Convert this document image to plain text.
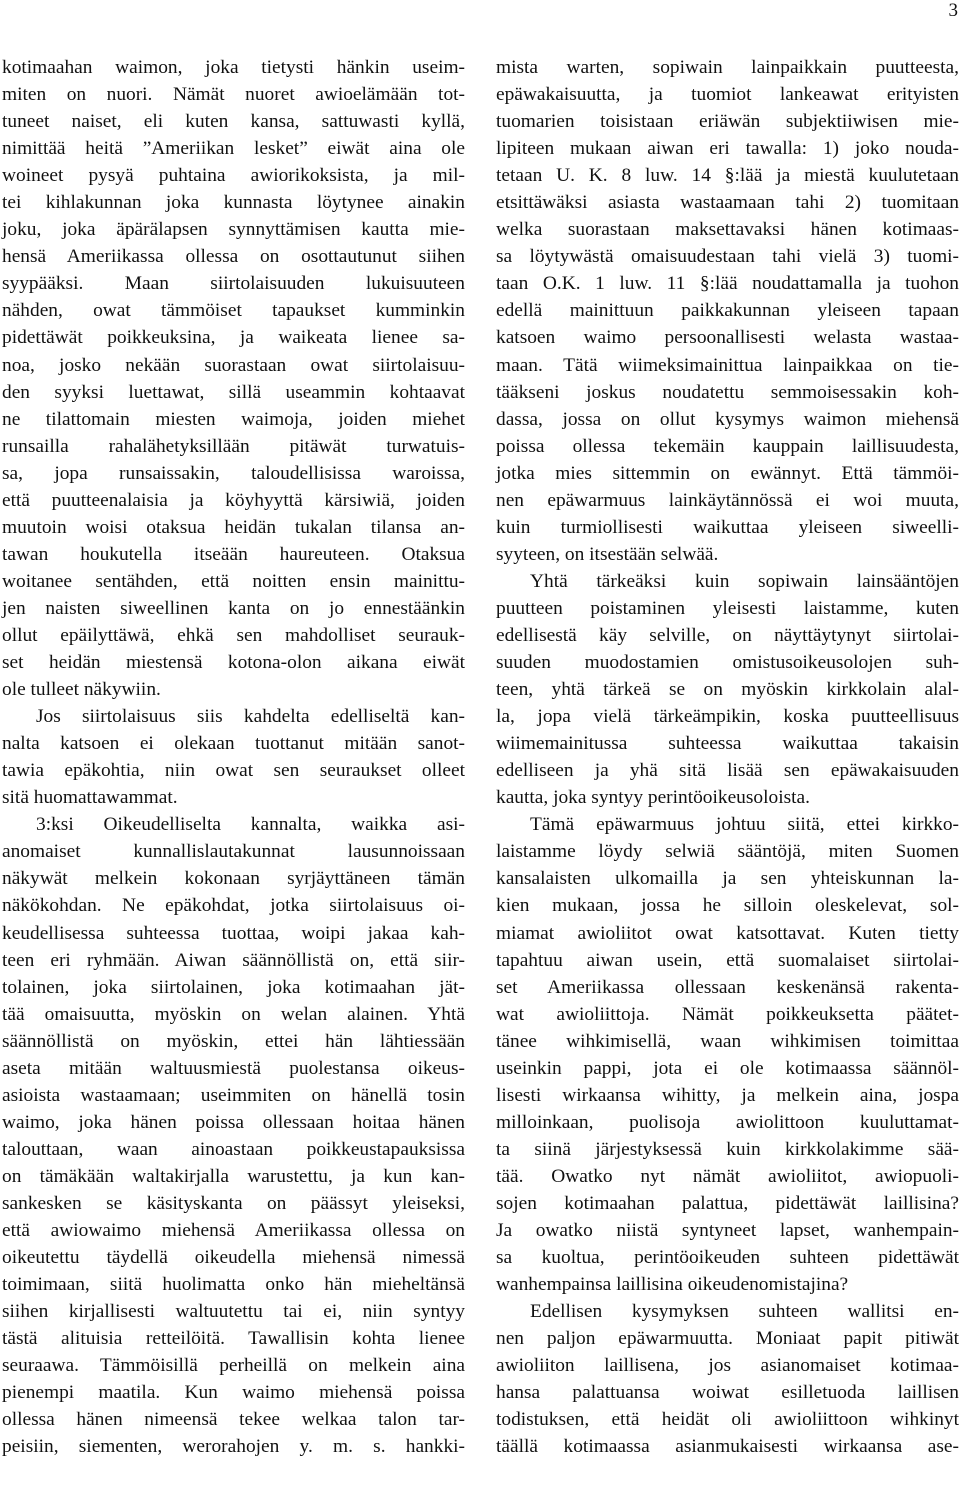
3
kotimaahan waimon, joka tietysti hänkin useim-
miten on nuori. Nämät nuoret awioelämään tot-
tuneet naiset, eli kuten kansa, sattuwasti kyllä,
nimittää heitä ”Ameriikan lesket” eiwät aina ole
woineet pysyä puhtaina awiorikoksista, ja mil-
tei kihlakunnan joka kunnasta löytynee ainakin
joku, joka äpärälapsen synnyttämisen kautta mie-
hensä Ameriikassa ollessa on osottautunut siihen
syypääksi. Maan siirtolaisuuden lukuisuuteen
nähden, owat tämmöiset tapaukset kumminkin
pidettäwät poikkeuksina, ja waikeata lienee sa-
noa, josko nekään suorastaan owat siirtolaisuu-
den syyksi luettawat, sillä useammin kohtaavat
ne tilattomain miesten waimoja, joiden miehet
runsailla rahalähetyksillään pitäwät turwatuis-
sa, jopa runsaissakin, taloudellisissa waroissa,
että puutteenalaisia ja köyhyyttä kärsiwiä, joiden
muutoin woisi otaksua heidän tukalan tilansa an-
tawan houkutella itseään haureuteen. Otaksua
woitanee sentähden, että noitten ensin mainittu-
jen naisten siweellinen kanta on jo ennestäänkin
ollut epäilyttäwä, ehkä sen mahdolliset seurauk-
set heidän miestensä kotona-olon aikana eiwät
ole tulleet näkywiin.
Jos siirtolaisuus siis kahdelta edelliseltä kan-
nalta katsoen ei olekaan tuottanut mitään sanot-
tawia epäkohtia, niin owat sen seuraukset olleet
sitä huomattawammat.
3:ksi Oikeudelliselta kannalta, waikka asi-
anomaiset kunnallislautakunnat lausunnoissaan
näkywät melkein kokonaan syrjäyttäneen tämän
näkökohdan. Ne epäkohdat, jotka siirtolaisuus oi-
keudellisessa suhteessa tuottaa, woipi jakaa kah-
teen eri ryhmään. Aiwan säännöllistä on, että siir-
tolainen, joka siirtolainen, joka kotimaahan jät-
tää omaisuutta, myöskin on welan alainen. Yhtä
säännöllistä on myöskin, ettei hän lähtiessään
aseta mitään waltuusmiestä puolestansa oikeus-
asioista wastaamaan; useimmiten on hänellä tosin
waimo, joka hänen poissa ollessaan hoitaa hänen
talouttaan, waan ainoastaan poikkeustapauksissa
on tämäkään waltakirjalla warustettu, ja kun kan-
sankesken se käsityskanta on päässyt yleiseksi,
että awiowaimo miehensä Ameriikassa ollessa on
oikeutettu täydellä oikeudella miehensä nimessä
toimimaan, siitä huolimatta onko hän mieheltänsä
siihen kirjallisesti waltuutettu tai ei, niin syntyy
tästä alituisia retteilöitä. Tawallisin kohta lienee
seuraawa. Tämmöisillä perheillä on melkein aina
pienempi maatila. Kun waimo miehensä poissa
ollessa hänen nimeensä tekee welkaa talon tar-
peisiin, siementen, werorahojen y. m. s. hankki-
mista warten, sopiwain lainpaikkain puutteesta,
epäwakaisuutta, ja tuomiot lankeawat erityisten
tuomarien toisistaan eriäwän subjektiiwisen mie-
lipiteen mukaan aiwan eri tawalla: 1) joko nouda-
tetaan U. K. 8 luw. 14 §:lää ja miestä kuulutetaan
etsittäwäksi asiasta wastaamaan tahi 2) tuomitaan
welka suorastaan maksettavaksi hänen kotimaas-
sa löytywästä omaisuudestaan tahi vielä 3) tuomi-
taan O.K. 1 luw. 11 §:lää noudattamalla ja tuohon
edellä mainittuun paikkakunnan yleiseen tapaan
katsoen waimo persoonallisesti welasta wastaa-
maan. Tätä wiimeksimainittua lainpaikkaa on tie-
tääkseni joskus noudatettu semmoisessakin koh-
dassa, jossa on ollut kysymys waimon miehensä
poissa ollessa tekemäin kauppain laillisuudesta,
jotka mies sittemmin on ewännyt. Että tämmöi-
nen epäwarmuus lainkäytännössä ei woi muuta,
kuin turmiollisesti waikuttaa yleiseen siweelli-
syyteen, on itsestään selwää.
Yhtä tärkeäksi kuin sopiwain lainsääntöjen
puutteen poistaminen yleisesti laistamme, kuten
edellisestä käy selville, on näyttäytynyt siirtolai-
suuden muodostamien omistusoikeusolojen suh-
teen, yhtä tärkeä se on myöskin kirkkolain alal-
la, jopa vielä tärkeämpikin, koska puutteellisuus
wiimemainitussa suhteessa waikuttaa takaisin
edelliseen ja yhä sitä lisää sen epäwakaisuuden
kautta, joka syntyy perintöoikeusoloista.
Tämä epäwarmuus johtuu siitä, ettei kirkko-
laistamme löydy selwiä sääntöjä, miten Suomen
kansalaisten ulkomailla ja sen yhteiskunnan la-
kien mukaan, jossa he silloin oleskelevat, sol-
miamat awioliitot owat katsottavat. Kuten tietty
tapahtuu aiwan usein, että suomalaiset siirtolai-
set Ameriikassa ollessaan keskenänsä rakenta-
wat awioliittoja. Nämät poikkeuksetta päätet-
tänee wihkimisellä, waan wihkimisen toimittaa
useinkin pappi, jota ei ole kotimaassa säännöl-
lisesti wirkaansa wihitty, ja melkein aina, jospa
milloinkaan, puolisoja awiolittoon kuuluttamat-
ta siinä järjestyksessä kuin kirkkolakimme sää-
tää. Owatko nyt nämät awioliitot, awiopuoli-
sojen kotimaahan palattua, pidettäwät laillisina?
Ja owatko niistä syntyneet lapset, wanhempain-
sa kuoltua, perintöoikeuden suhteen pidettäwät
wanhempainsa laillisina oikeudenomistajina?
Edellisen kysymyksen suhteen wallitsi en-
nen paljon epäwarmuutta. Moniaat papit pitiwät
awioliiton laillisena, jos asianomaiset kotimaa-
hansa palattuansa woiwat esilletuoda laillisen
todistuksen, että heidät oli awioliittoon wihkinyt
täällä kotimaassa asianmukaisesti wirkaansa ase-
